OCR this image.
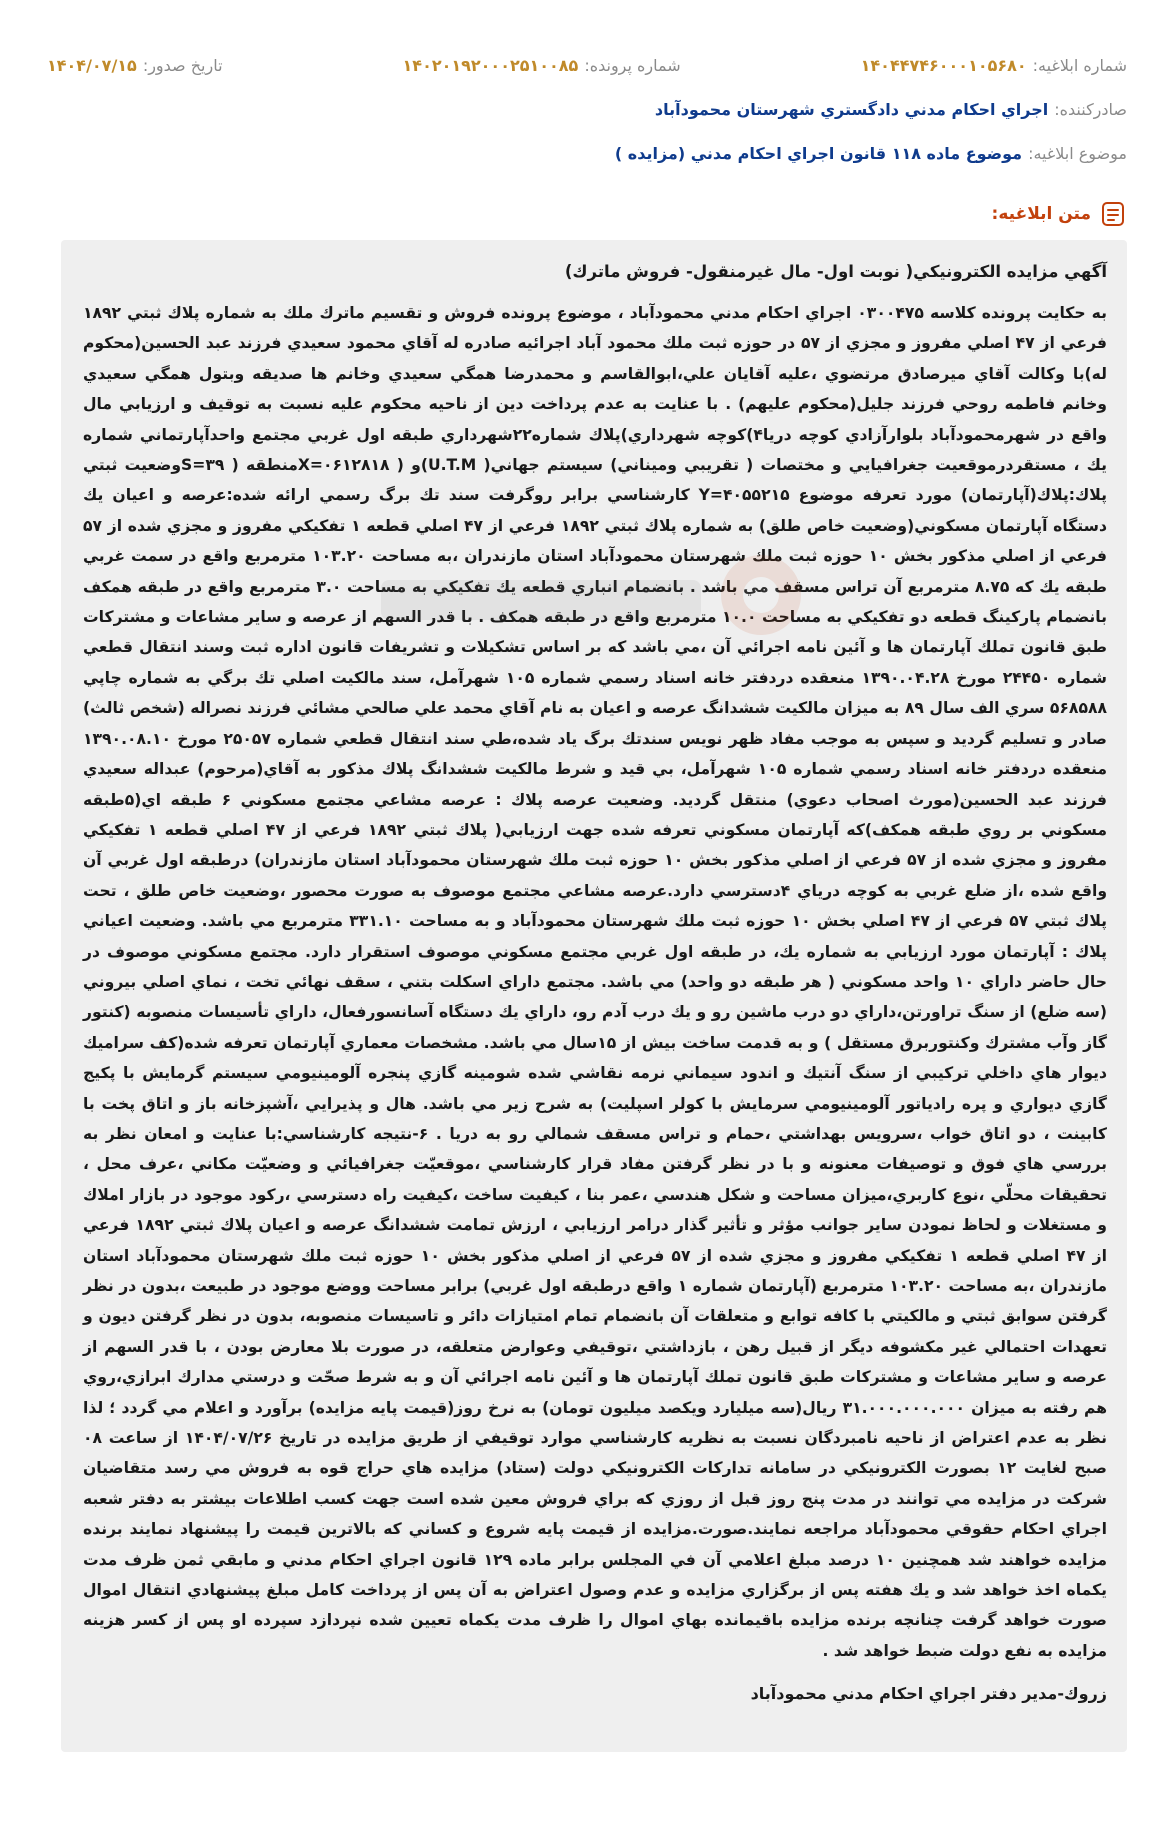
شماره ابلاغیه:
۱۴۰۴۴۷۴۶۰۰۰۱۰۵۶۸۰
شماره پرونده:
۱۴۰۲۰۱۹۲۰۰۰۲۵۱۰۰۸۵
تاریخ صدور:
۱۴۰۴/۰۷/۱۵
صادرکننده:
اجراي احكام مدني دادگستري شهرستان محمودآباد
موضوع ابلاغیه:
موضوع ماده ۱۱۸ قانون اجراي احكام مدني (مزايده )
متن ابلاغیه:
آگهي مزايده الكترونيكي( نوبت اول- مال غيرمنقول- فروش ماترك)

به حكايت پرونده كلاسه ۰۳۰۰۴۷۵ اجراي احكام مدني محمودآباد ، موضوع پرونده فروش و تقسيم ماترك ملك به شماره پلاك ثبتي ۱۸۹۲ فرعي از ۴۷ اصلي مفروز و مجزي از ۵۷ در حوزه ثبت ملك محمود آباد اجرائيه صادره له آقاي محمود سعيدي فرزند عبد الحسين(محكوم له)با وكالت آقاي ميرصادق مرتضوي ،عليه آقايان علي،ابوالقاسم و محمدرضا همگي سعيدي وخانم ها صديقه وبتول همگي سعيدي وخانم فاطمه روحي فرزند جليل(محكوم عليهم) . با عنايت به عدم پرداخت دين از ناحيه محكوم عليه نسبت به توقيف و ارزيابي مال واقع در شهرمحمودآباد بلوارآزادي كوچه دريا۴)كوچه شهرداري)پلاك شماره۲۲شهرداري طبقه اول غربي مجتمع واحدآپارتماني شماره يك ، مستقردرموقعيت جغرافيايي و مختصات ( تقريبي وميناني) سيستم جهاني( U.T.M)و ( X=۰۶۱۲۸۱۸منطقه ( ۳۹=Sوضعيت ثبتي پلاك:پلاك(آپارتمان) مورد تعرفه موضوع Y=۴۰۵۵۲۱۵ كارشناسي برابر روگرفت سند تك برگ رسمي ارائه شده:عرصه و اعيان يك دستگاه آپارتمان مسكوني(وضعيت خاص طلق) به شماره پلاك ثبتي ۱۸۹۲ فرعي از ۴۷ اصلي قطعه ۱ تفكيكي مفروز و مجزي شده از ۵۷ فرعي از اصلي مذكور بخش ۱۰ حوزه ثبت ملك شهرستان محمودآباد استان مازندران ،به مساحت ۱۰۳.۲۰ مترمربع واقع در سمت غربي طبقه يك كه ۸.۷۵ مترمربع آن تراس مسقف مي باشد . بانضمام انباري قطعه يك تفكيكي به مساحت ۳.۰ مترمربع واقع در طبقه همكف بانضمام پاركينگ قطعه دو تفكيكي به مساحت ۱۰.۰ مترمربع واقع در طبقه همكف . با قدر السهم از عرصه و ساير مشاعات و مشتركات طبق قانون تملك آپارتمان ها و آئين نامه اجرائي آن ،مي باشد كه بر اساس تشكيلات و تشريفات قانون اداره ثبت وسند انتقال قطعي شماره ۲۴۴۵۰ مورخ ۱۳۹۰.۰۴.۲۸ منعقده دردفتر خانه اسناد رسمي شماره ۱۰۵ شهرآمل، سند مالكيت اصلي تك برگي به شماره چاپي ۵۶۸۵۸۸ سري الف سال ۸۹ به ميزان مالكيت ششدانگ عرصه و اعيان به نام آقاي محمد علي صالحي مشائي فرزند نصراله (شخص ثالث) صادر و تسليم گرديد و سپس به موجب مفاد ظهر نويس سندتك برگ ياد شده،طي سند انتقال قطعي شماره ۲۵۰۵۷ مورخ ۱۳۹۰.۰۸.۱۰ منعقده دردفتر خانه اسناد رسمي شماره ۱۰۵ شهرآمل، بي قيد و شرط مالكيت ششدانگ پلاك مذكور به آقاي(مرحوم) عبداله سعيدي فرزند عبد الحسين(مورث اصحاب دعوي) منتقل گرديد. وضعيت عرصه پلاك : عرصه مشاعي مجتمع مسكوني ۶ طبقه اي(۵طبقه مسكوني بر روي طبقه همكف)كه آپارتمان مسكوني تعرفه شده جهت ارزيابي( پلاك ثبتي ۱۸۹۲ فرعي از ۴۷ اصلي قطعه ۱ تفكيكي مفروز و مجزي شده از ۵۷ فرعي از اصلي مذكور بخش ۱۰ حوزه ثبت ملك شهرستان محمودآباد استان مازندران) درطبقه اول غربي آن واقع شده ،از ضلع غربي به كوچه درياي ۴دسترسي دارد.عرصه مشاعي مجتمع موصوف به صورت محصور ،وضعيت خاص طلق ، تحت پلاك ثبتي ۵۷ فرعي از ۴۷ اصلي بخش ۱۰ حوزه ثبت ملك شهرستان محمودآباد و به مساحت ۳۳۱.۱۰ مترمربع مي باشد. وضعيت اعياني پلاك : آپارتمان مورد ارزيابي به شماره يك، در طبقه اول غربي مجتمع مسكوني موصوف استقرار دارد. مجتمع مسكوني موصوف در حال حاضر داراي ۱۰ واحد مسكوني ( هر طبقه دو واحد) مي باشد. مجتمع داراي اسكلت بتني ، سقف نهائي تخت ، نماي اصلي بيروني (سه ضلع) از سنگ تراورتن،داراي دو درب ماشين رو و يك درب آدم رو، داراي يك دستگاه آسانسورفعال، داراي تأسيسات منصوبه (كنتور گاز وآب مشترك وكنتوربرق مستقل ) و به قدمت ساخت بيش از ۱۵سال مي باشد. مشخصات معماري آپارتمان تعرفه شده(كف سراميك ديوار هاي داخلي تركيبي از سنگ آنتيك و اندود سيماني نرمه نقاشي شده شومينه گازي پنجره آلومينيومي سيستم گرمايش با پكيج گازي ديواري و پره رادياتور آلومينيومي سرمايش با كولر اسپليت) به شرح زير مي باشد. هال و پذيرايي ،آشپزخانه باز و اتاق پخت با كابينت ، دو اتاق خواب ،سرويس بهداشتي ،حمام و تراس مسقف شمالي رو به دريا . ۶-نتيجه كارشناسي:با عنايت و امعان نظر به بررسي هاي فوق و توصيفات معنونه و با در نظر گرفتن مفاد قرار كارشناسي ،موقعيّت جغرافيائي و وضعيّت مكاني ،عرف محل ، تحقيقات محلّي ،نوع كاربري،ميزان مساحت و شكل هندسي ،عمر بنا ، كيفيت ساخت ،كيفيت راه دسترسي ،ركود موجود در بازار املاك و مستغلات و لحاظ نمودن ساير جوانب مؤثر و تأثير گذار درامر ارزيابي ، ارزش تمامت ششدانگ عرصه و اعيان پلاك ثبتي ۱۸۹۲ فرعي از ۴۷ اصلي قطعه ۱ تفكيكي مفروز و مجزي شده از ۵۷ فرعي از اصلي مذكور بخش ۱۰ حوزه ثبت ملك شهرستان محمودآباد استان مازندران ،به مساحت ۱۰۳.۲۰ مترمربع (آپارتمان شماره ۱ واقع درطبقه اول غربي) برابر مساحت ووضع موجود در طبيعت ،بدون در نظر گرفتن سوابق ثبتي و مالكيتي با كافه توابع و متعلقات آن بانضمام تمام امتيازات دائر و تاسيسات منصوبه، بدون در نظر گرفتن ديون و تعهدات احتمالي غير مكشوفه ديگر از قبيل رهن ، بازداشتي ،توقيفي وعوارض متعلقه، در صورت بلا معارض بودن ، با قدر السهم از عرصه و ساير مشاعات و مشتركات طبق قانون تملك آپارتمان ها و آئين نامه اجرائي آن و به شرط صحّت و درستي مدارك ابرازي،روي هم رفته به ميزان ۳۱.۰۰۰.۰۰۰.۰۰۰ ريال(سه ميليارد ويكصد ميليون تومان) به نرخ روز(قيمت پايه مزايده) برآورد و اعلام مي گردد ؛ لذا نظر به عدم اعتراض از ناحيه نامبردگان نسبت به نظريه كارشناسي موارد توقيفي از طريق مزايده در تاريخ ۱۴۰۴/۰۷/۲۶ از ساعت ۰۸ صبح لغايت ۱۲ بصورت الكترونيكي در سامانه تداركات الكترونيكي دولت (ستاد) مزايده هاي حراج قوه به فروش مي رسد متقاضيان شركت در مزايده مي توانند در مدت پنج روز قبل از روزي كه براي فروش معين شده است جهت كسب اطلاعات بيشتر به دفتر شعبه اجراي احكام حقوقي محمودآباد مراجعه نمايند.صورت.مزايده از قيمت پايه شروع و كساني كه بالاترين قيمت را پيشنهاد نمايند برنده مزايده خواهند شد همچنين ۱۰ درصد مبلغ اعلامي آن في المجلس برابر ماده ۱۲۹ قانون اجراي احكام مدني و مابقي ثمن ظرف مدت يكماه اخذ خواهد شد و يك هفته پس از برگزاري مزايده و عدم وصول اعتراض به آن پس از پرداخت كامل مبلغ پيشنهادي انتقال اموال صورت خواهد گرفت چنانچه برنده مزايده باقيمانده بهاي اموال را ظرف مدت يكماه تعيين شده نپردازد سپرده او پس از كسر هزينه مزايده به نفع دولت ضبط خواهد شد .

زروك-مدير دفتر اجراي احكام مدني محمودآباد
